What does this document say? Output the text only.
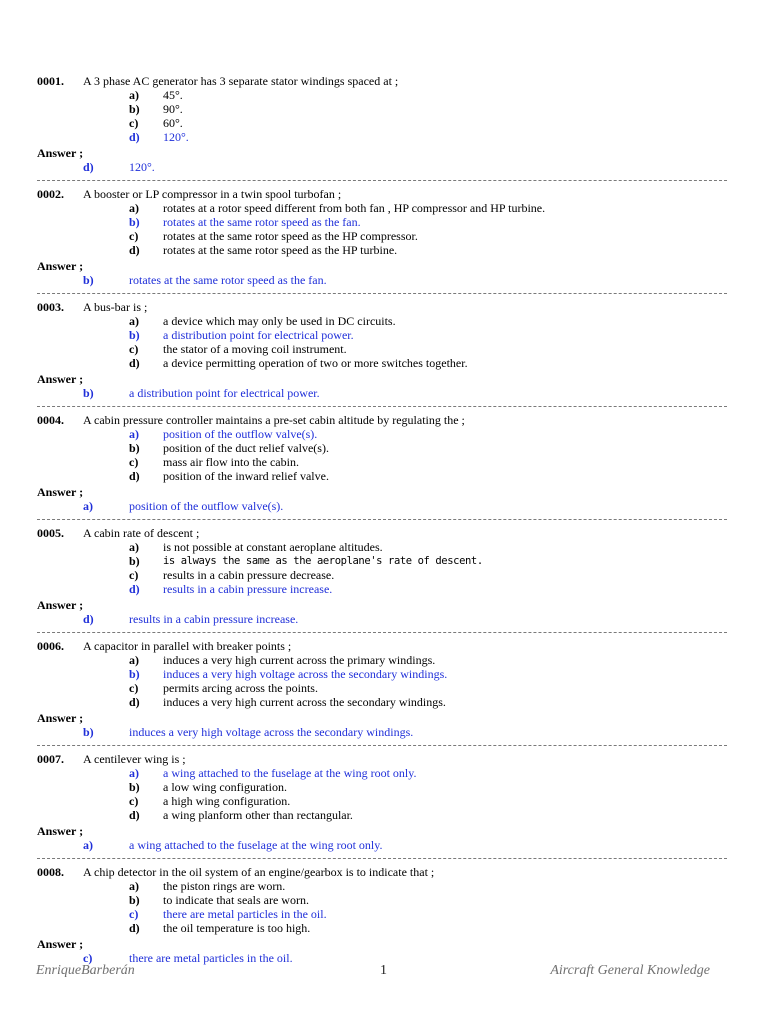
0001. A 3 phase AC generator has 3 separate stator windings spaced at ;
a) 45°.
b) 90°.
c) 60°.
d) 120°.
Answer ;
d)	120°.
0002. A booster or LP compressor in a twin spool turbofan ;
a) rotates at a rotor speed different from both fan , HP compressor and HP turbine.
b) rotates at the same rotor speed as the fan.
c) rotates at the same rotor speed as the HP compressor.
d) rotates at the same rotor speed as the HP turbine.
Answer ;
b)	rotates at the same rotor speed as the fan.
0003. A bus-bar is ;
a) a device which may only be used in DC circuits.
b) a distribution point for electrical power.
c) the stator of a moving coil instrument.
d) a device permitting operation of two or more switches together.
Answer ;
b)	a distribution point for electrical power.
0004. A cabin pressure controller maintains a pre-set cabin altitude by regulating the ;
a) position of the outflow valve(s).
b) position of the duct relief valve(s).
c) mass air flow into the cabin.
d) position of the inward relief valve.
Answer ;
a)	position of the outflow valve(s).
0005. A cabin rate of descent ;
a) is not possible at constant aeroplane altitudes.
b) is always the same as the aeroplane's rate of descent.
c) results in a cabin pressure decrease.
d) results in a cabin pressure increase.
Answer ;
d)	results in a cabin pressure increase.
0006. A capacitor in parallel with breaker points ;
a) induces a very high current across the primary windings.
b) induces a very high voltage across the secondary windings.
c) permits arcing across the points.
d) induces a very high current across the secondary windings.
Answer ;
b)	induces a very high voltage across the secondary windings.
0007. A centilever wing is ;
a) a wing attached to the fuselage at the wing root only.
b) a low wing configuration.
c) a high wing configuration.
d) a wing planform other than rectangular.
Answer ;
a)	a wing attached to the fuselage at the wing root only.
0008. A chip detector in the oil system of an engine/gearbox is to indicate that ;
a) the piston rings are worn.
b) to indicate that seals are worn.
c) there are metal particles in the oil.
d) the oil temperature is too high.
Answer ;
c)	there are metal particles in the oil.
EnriqueBarberán	1	Aircraft General Knowledge
